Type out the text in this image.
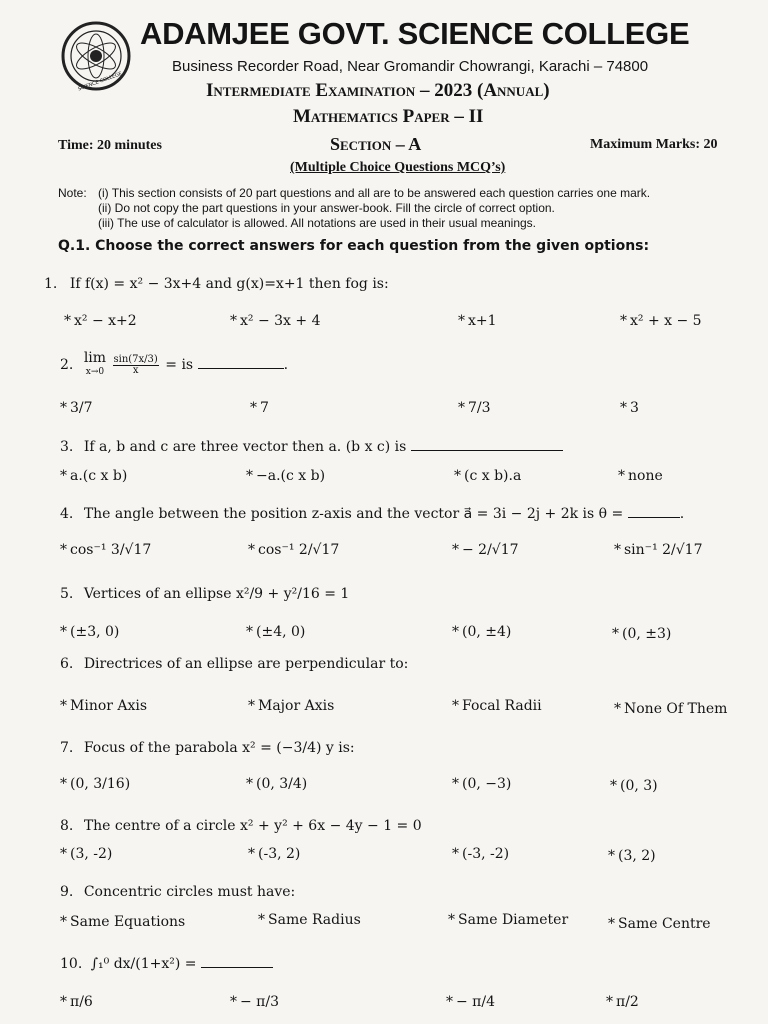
SCIENCE COLLEGE
ADAMJEE GOVT. SCIENCE COLLEGE
Business Recorder Road, Near Gromandir Chowrangi, Karachi – 74800
Intermediate Examination – 2023 (Annual)
Mathematics Paper – II
Time: 20 minutes	Section – A	Maximum Marks: 20
(Multiple Choice Questions MCQ’s)
Note: (i) This section consists of 20 part questions and all are to be answered each question carries one mark.
(ii) Do not copy the part questions in your answer-book. Fill the circle of correct option.
(iii) The use of calculator is allowed. All notations are used in their usual meanings.
Q.1. Choose the correct answers for each question from the given options:
1. If f(x) = x² − 3x+4 and g(x)=x+1 then fog is:
* x² − x+2	* x² − 3x + 4	* x+1	* x² + x − 5
2. lim
$x\to 0 \frac{\sin(7x/3)}{x}$ = is	.
* 3/7	* 7	* 7/3	* 3
3. If a, b and c are three vector then a. (b x c) is
* a.(c x b)	* −a.(c x b)	* (c x b).a	* none
4. The angle between the position z-axis and the vector a⃗ = 3i − 2j + 2k is θ =	.
* cos⁻¹ 3/√17	* cos⁻¹ 2/√17	* − 2/√17	* sin⁻¹ 2/√17
5. Vertices of an ellipse x²/9 + y²/16 = 1
* (±3, 0)	* (±4, 0)	* (0, ±4)	* (0, ±3)
6. Directrices of an ellipse are perpendicular to:
* Minor Axis	* Major Axis	* Focal Radii	* None Of Them
7. Focus of the parabola x² = (−3/4) y is:
* (0, 3/16)	* (0, 3/4)	* (0, −3)	* (0, 3)
8. The centre of a circle x² + y² + 6x − 4y − 1 = 0
* (3, -2)	* (-3, 2)	* (-3, -2)	* (3, 2)
9. Concentric circles must have:
* Same Equations	* Same Radius	* Same Diameter	* Same Centre
10. ∫₁⁰ dx/(1+x²) =
* π/6	* − π/3	* − π/4	* π/2
